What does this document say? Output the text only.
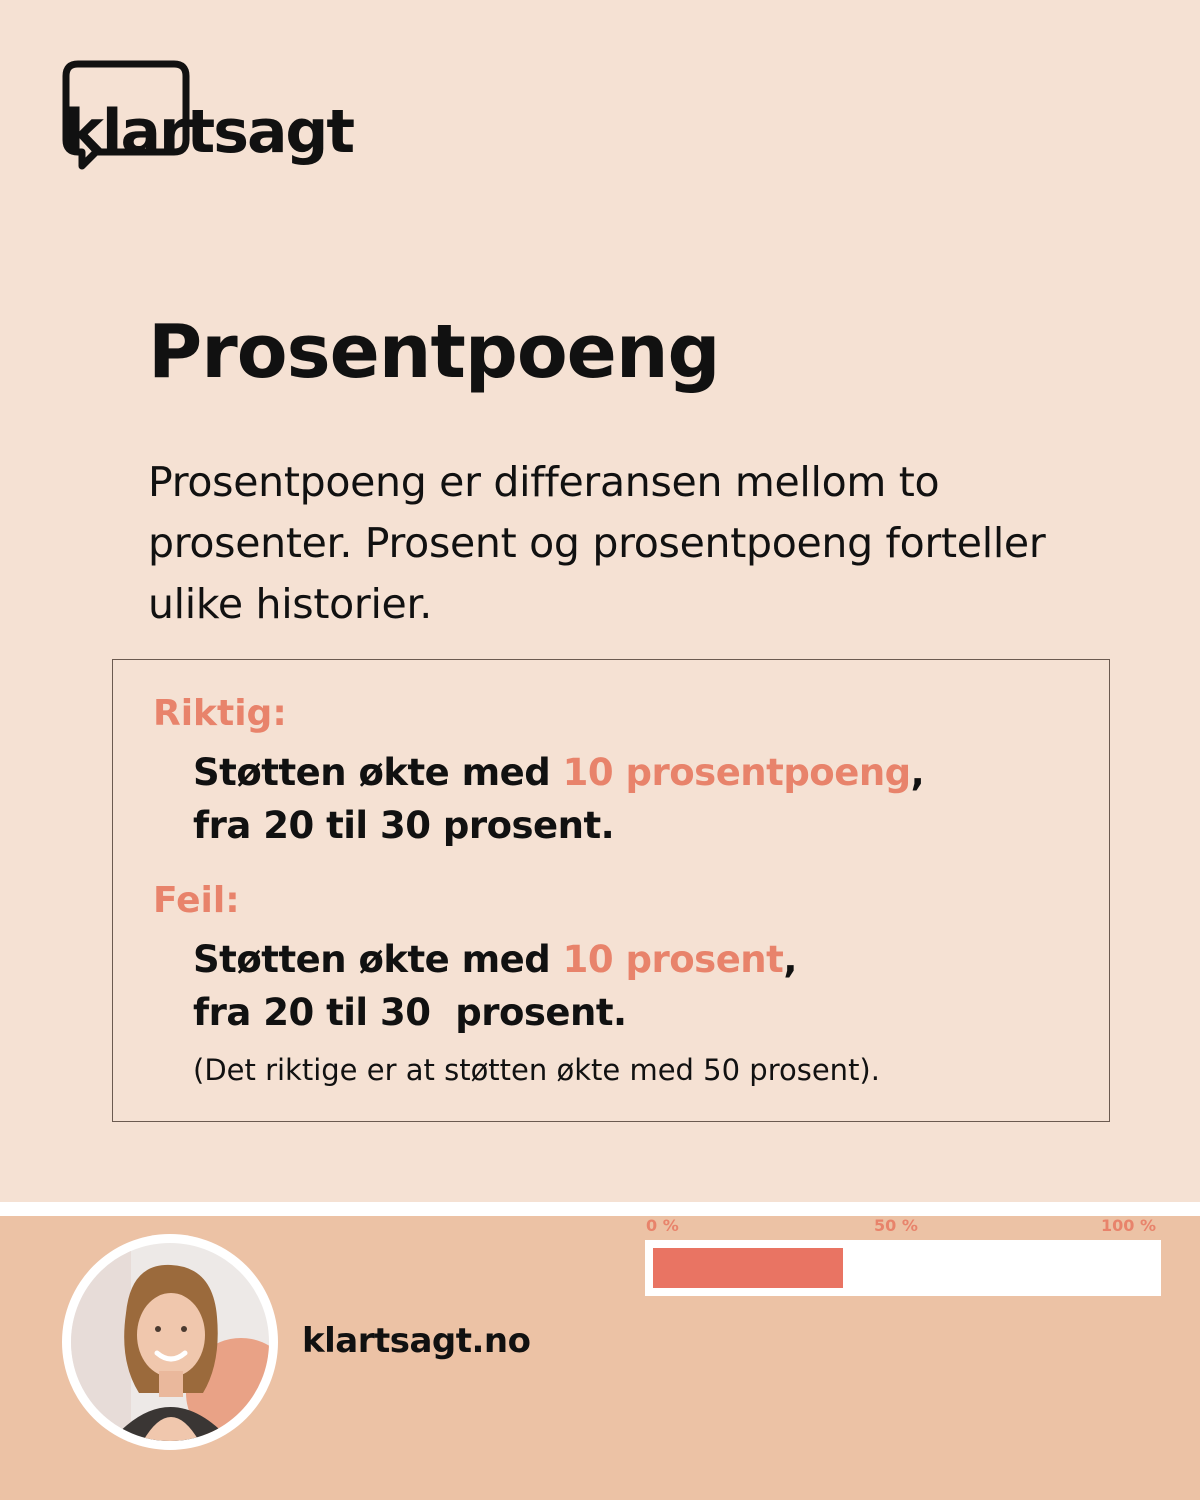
klartsagt
Prosentpoeng

Prosentpoeng er differansen mellom to prosenter. Prosent og prosentpoeng forteller ulike historier.

Riktig:
Støtten økte med 10 prosentpoeng,
fra 20 til 30 prosent.
Feil:
Støtten økte med 10 prosent,
fra 20 til 30  prosent.
(Det riktige er at støtten økte med 50 prosent).
klartsagt.no
0 %	50 %	100 %
